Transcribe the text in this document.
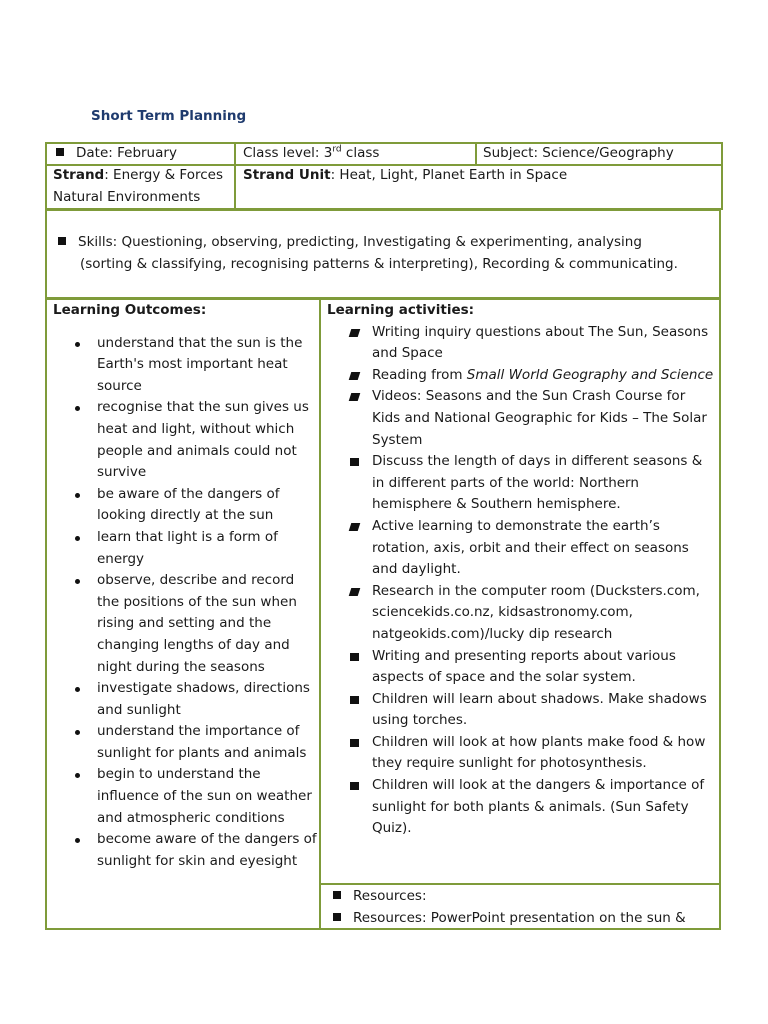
Short Term Planning
Date: February	Class level: 3rd class	Subject: Science/Geography
Strand: Energy & Forces
Natural Environments
Strand Unit: Heat, Light, Planet Earth in Space
Skills: Questioning, observing, predicting, Investigating & experimenting, analysing
(sorting & classifying, recognising patterns & interpreting), Recording & communicating.
Learning Outcomes:
understand that the sun is the Earth's most important heat source
recognise that the sun gives us heat and light, without which people and animals could not survive
be aware of the dangers of looking directly at the sun
learn that light is a form of energy
observe, describe and record the positions of the sun when rising and setting and the changing lengths of day and night during the seasons
investigate shadows, directions and sunlight
understand the importance of sunlight for plants and animals
begin to understand the influence of the sun on weather and atmospheric conditions
become aware of the dangers of sunlight for skin and eyesight
Learning activities:
Writing inquiry questions about The Sun, Seasons and Space
Reading from Small World Geography and Science
Videos: Seasons and the Sun Crash Course for Kids and National Geographic for Kids – The Solar System
Discuss the length of days in different seasons & in different parts of the world: Northern hemisphere & Southern hemisphere.
Active learning to demonstrate the earth’s rotation, axis, orbit and their effect on seasons and daylight.
Research in the computer room (Ducksters.com, sciencekids.co.nz, kidsastronomy.com, natgeokids.com)/lucky dip research
Writing and presenting reports about various aspects of space and the solar system.
Children will learn about shadows. Make shadows using torches.
Children will look at how plants make food & how they require sunlight for photosynthesis.
Children will look at the dangers & importance of sunlight for both plants & animals. (Sun Safety Quiz).
Resources:
Resources: PowerPoint presentation on the sun &
